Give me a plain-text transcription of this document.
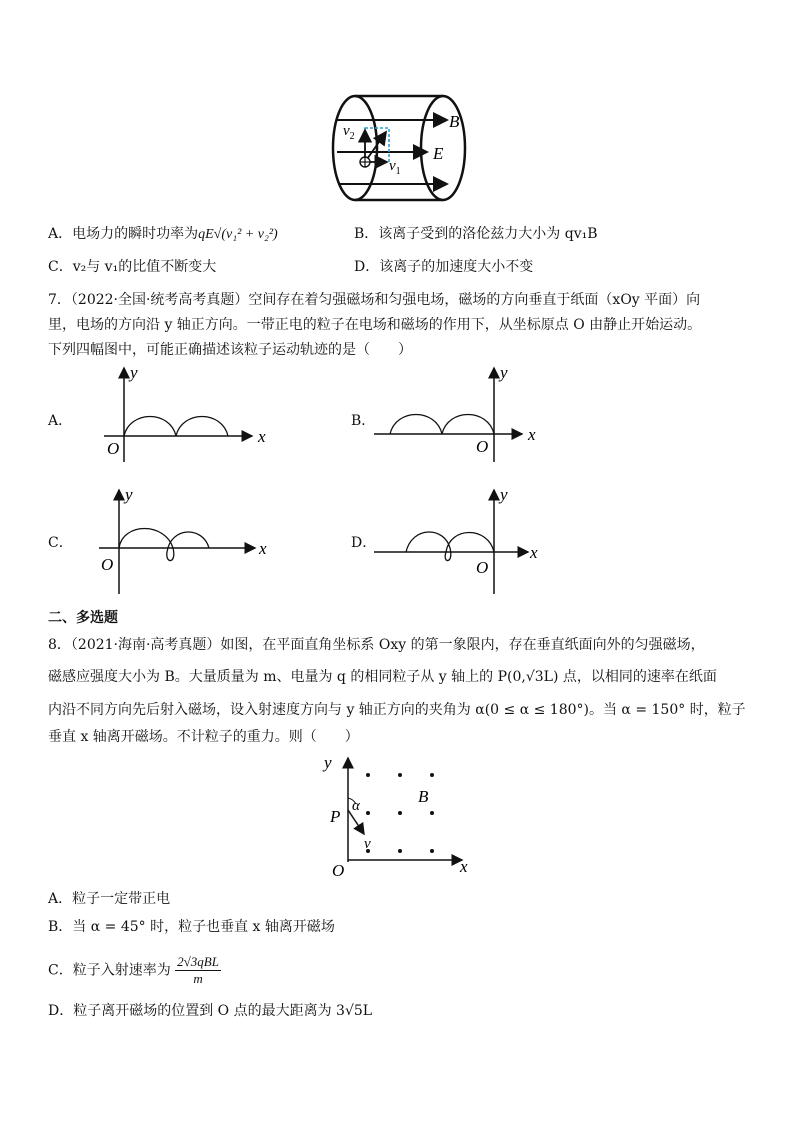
B
E
$v_2$
$v_1$
A．电场力的瞬时功率为qE√(v₁² + v₂²)	B．该离子受到的洛伦兹力大小为 qv₁B
C．v₂与 v₁的比值不断变大	D．该离子的加速度大小不变
7．（2022·全国·统考高考真题）空间存在着匀强磁场和匀强电场，磁场的方向垂直于纸面（xOy 平面）向
里，电场的方向沿 y 轴正方向。一带正电的粒子在电场和磁场的作用下，从坐标原点 O 由静止开始运动。
下列四幅图中，可能正确描述该粒子运动轨迹的是（　　）
A．
y
x
O
B．
y
x
O
C．
y
x
O
D．
y
x
O
二、多选题
8．（2021·海南·高考真题）如图，在平面直角坐标系 Oxy 的第一象限内，存在垂直纸面向外的匀强磁场，
磁感应强度大小为 B。大量质量为 m、电量为 q 的相同粒子从 y 轴上的 P(0,√3L) 点，以相同的速率在纸面
内沿不同方向先后射入磁场，设入射速度方向与 y 轴正方向的夹角为 α(0 ≤ α ≤ 180°)。当 α = 150° 时，粒子
垂直 x 轴离开磁场。不计粒子的重力。则（　　）
y
x
O
P
B
α
v
A．粒子一定带正电
B．当 α = 45° 时，粒子也垂直 x 轴离开磁场
C．粒子入射速率为 $\frac{\text{2√3qBL}}{m}$
D．粒子离开磁场的位置到 O 点的最大距离为 3√5L
